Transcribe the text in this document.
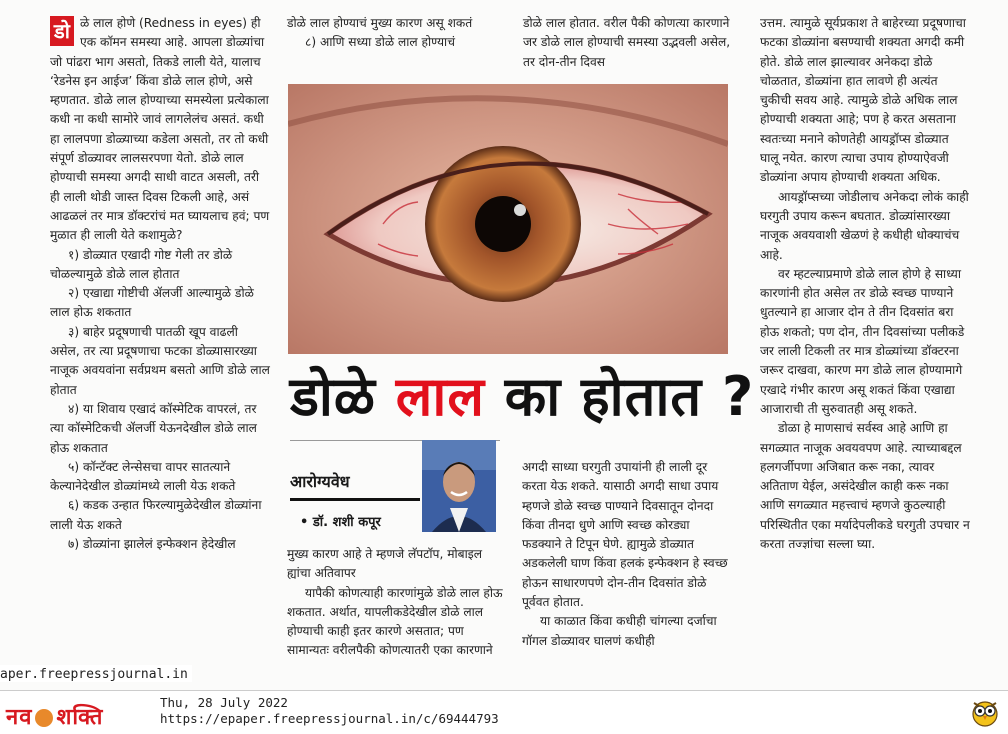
डो ळे लाल होणे (Redness in eyes) ही एक कॉमन समस्या आहे. आपला डोळ्यांचा जो पांढरा भाग असतो, तिकडे लाली येते, यालाच ‘रेडनेस इन आईज’ किंवा डोळे लाल होणे, असे म्हणतात. डोळे लाल होण्याच्या समस्येला प्रत्येकाला कधी ना कधी सामोरे जावं लागलेलंच असतं. कधी हा लालपणा डोळ्याच्या कडेला असतो, तर तो कधी संपूर्ण डोळ्यावर लालसरपणा येतो. डोळे लाल होण्याची समस्या अगदी साधी वाटत असली, तरी ही लाली थोडी जास्त दिवस टिकली आहे, असं आढळलं तर मात्र डॉक्टरांचं मत घ्यायलाच हवं; पण मुळात ही लाली येते कशामुळे?

१) डोळ्यात एखादी गोष्ट गेली तर डोळे चोळल्यामुळे डोळे लाल होतात

२) एखाद्या गोष्टीची ॲलर्जी आल्यामुळे डोळे लाल होऊ शकतात

३) बाहेर प्रदूषणाची पातळी खूप वाढली असेल, तर त्या प्रदूषणाचा फटका डोळ्यासारख्या नाजूक अवयवांना सर्वप्रथम बसतो आणि डोळे लाल होतात

४) या शिवाय एखादं कॉस्मेटिक वापरलं, तर त्या कॉस्मेटिकची ॲलर्जी येऊनदेखील डोळे लाल होऊ शकतात

५) कॉन्टॅक्ट लेन्सेसचा वापर सातत्याने केल्यानेदेखील डोळ्यांमध्ये लाली येऊ शकते

६) कडक उन्हात फिरल्यामुळेदेखील डोळ्यांना लाली येऊ शकते

७) डोळ्यांना झालेलं इन्फेक्शन हेदेखील

डोळे लाल होण्याचं मुख्य कारण असू शकतं

८) आणि सध्या डोळे लाल होण्याचं

डोळे लाल होतात. वरील पैकी कोणत्या कारणाने जर डोळे लाल होण्याची समस्या उद्भवली असेल, तर दोन-तीन दिवस

डोळे लाल का होतात ?
आरोग्यवेध
• डॉ. शशी कपूर

मुख्य कारण आहे ते म्हणजे लॅपटॉप, मोबाइल ह्यांचा अतिवापर

यापैकी कोणत्याही कारणांमुळे डोळे लाल होऊ शकतात. अर्थात, यापलीकडेदेखील डोळे लाल होण्याची काही इतर कारणे असतात; पण सामान्यतः वरीलपैकी कोणत्यातरी एका कारणाने

अगदी साध्या घरगुती उपायांनी ही लाली दूर करता येऊ शकते. यासाठी अगदी साधा उपाय म्हणजे डोळे स्वच्छ पाण्याने दिवसातून दोनदा किंवा तीनदा धुणे आणि स्वच्छ कोरड्या फडक्याने ते टिपून घेणे. ह्यामुळे डोळ्यात अडकलेली घाण किंवा हलकं इन्फेक्शन हे स्वच्छ होऊन साधारणपणे दोन-तीन दिवसांत डोळे पूर्ववत होतात.

या काळात किंवा कधीही चांगल्या दर्जाचा गॉगल डोळ्यावर घालणं कधीही

उत्तम. त्यामुळे सूर्यप्रकाश ते बाहेरच्या प्रदूषणाचा फटका डोळ्यांना बसण्याची शक्यता अगदी कमी होते. डोळे लाल झाल्यावर अनेकदा डोळे चोळतात, डोळ्यांना हात लावणे ही अत्यंत चुकीची सवय आहे. त्यामुळे डोळे अधिक लाल होण्याची शक्यता आहे; पण हे करत असताना स्वतःच्या मनाने कोणतेही आयड्रॉप्स डोळ्यात घालू नयेत. कारण त्याचा उपाय होण्याऐवजी डोळ्यांना अपाय होण्याची शक्यता अधिक.

आयड्रॉप्सच्या जोडीलाच अनेकदा लोकं काही घरगुती उपाय करून बघतात. डोळ्यांसारख्या नाजूक अवयवाशी खेळणं हे कधीही धोक्याचंच आहे.

वर म्हटल्याप्रमाणे डोळे लाल होणे हे साध्या कारणांनी होत असेल तर डोळे स्वच्छ पाण्याने धुतल्याने हा आजार दोन ते तीन दिवसांत बरा होऊ शकतो; पण दोन, तीन दिवसांच्या पलीकडे जर लाली टिकली तर मात्र डोळ्यांच्या डॉक्टरना जरूर दाखवा, कारण मग डोळे लाल होण्यामागे एखादे गंभीर कारण असू शकतं किंवा एखाद्या आजाराची ती सुरुवातही असू शकते.

डोळा हे माणसाचं सर्वस्व आहे आणि हा सगळ्यात नाजूक अवयवपण आहे. त्याच्याबद्दल हलगर्जीपणा अजिबात करू नका, त्यावर अतिताण येईल, असंदेखील काही करू नका आणि सगळ्यात महत्त्वाचं म्हणजे कुठल्याही परिस्थितीत एका मर्यादेपलीकडे घरगुती उपचार न करता तज्ज्ञांचा सल्ला घ्या.

aper.freepressjournal.in
नव शक्ति
Thu, 28 July 2022
https://epaper.freepressjournal.in/c/69444793
